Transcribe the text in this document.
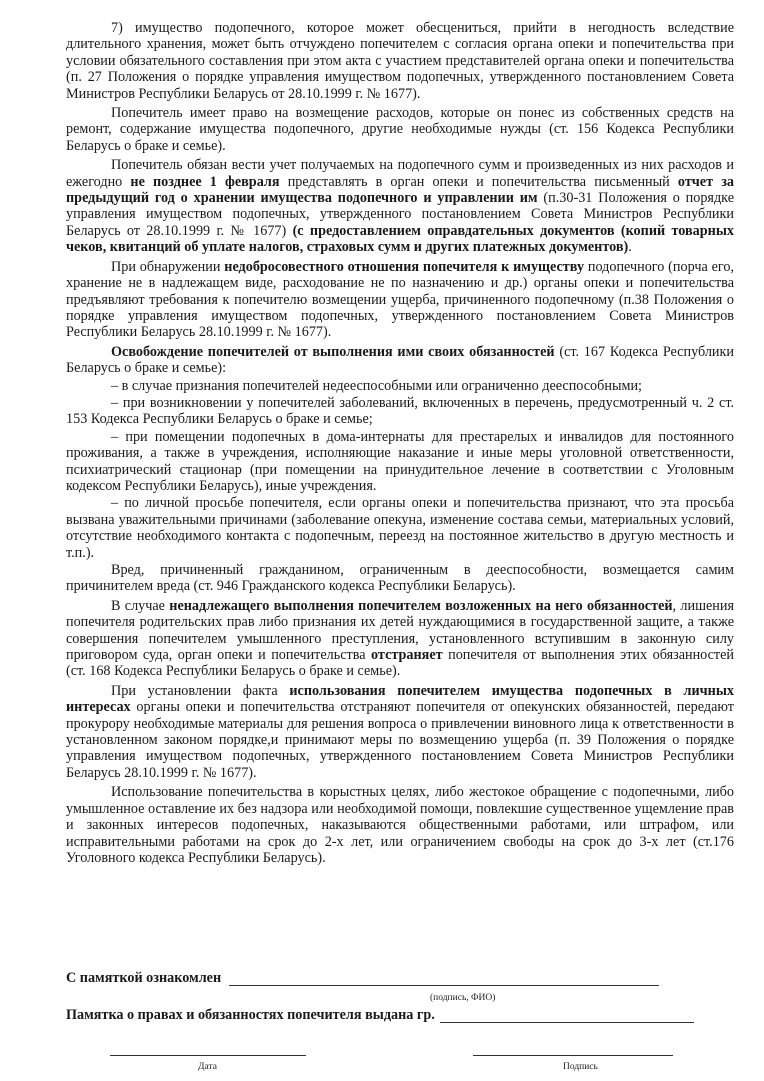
7) имущество подопечного, которое может обесцениться, прийти в негодность вследствие длительного хранения, может быть отчуждено попечителем с согласия органа опеки и попечительства при условии обязательного составления при этом акта с участием представителей органа опеки и попечительства (п. 27 Положения о порядке управления имуществом подопечных, утвержденного постановлением Совета Министров Республики Беларусь от 28.10.1999 г. № 1677).

Попечитель имеет право на возмещение расходов, которые он понес из собственных средств на ремонт, содержание имущества подопечного, другие необходимые нужды (ст. 156 Кодекса Республики Беларусь о браке и семье).

Попечитель обязан вести учет получаемых на подопечного сумм и произведенных из них расходов и ежегодно не позднее 1 февраля представлять в орган опеки и попечительства письменный отчет за предыдущий год о хранении имущества подопечного и управлении им (п.30-31 Положения о порядке управления имуществом подопечных, утвержденного постановлением Совета Министров Республики Беларусь от 28.10.1999 г. № 1677) (с предоставлением оправдательных документов (копий товарных чеков, квитанций об уплате налогов, страховых сумм и других платежных документов).

При обнаружении недобросовестного отношения попечителя к имуществу подопечного (порча его, хранение не в надлежащем виде, расходование не по назначению и др.) органы опеки и попечительства предъявляют требования к попечителю возмещении ущерба, причиненного подопечному (п.38 Положения о порядке управления имуществом подопечных, утвержденного постановлением Совета Министров Республики Беларусь 28.10.1999 г. № 1677).

Освобождение попечителей от выполнения ими своих обязанностей (ст. 167 Кодекса Республики Беларусь о браке и семье):

– в случае признания попечителей недееспособными или ограниченно дееспособными;

– при возникновении у попечителей заболеваний, включенных в перечень, предусмотренный ч. 2 ст. 153 Кодекса Республики Беларусь о браке и семье;

– при помещении подопечных в дома-интернаты для престарелых и инвалидов для постоянного проживания, а также в учреждения, исполняющие наказание и иные меры уголовной ответственности, психиатрический стационар (при помещении на принудительное лечение в соответствии с Уголовным кодексом Республики Беларусь), иные учреждения.

– по личной просьбе попечителя, если органы опеки и попечительства признают, что эта просьба вызвана уважительными причинами (заболевание опекуна, изменение состава семьи, материальных условий, отсутствие необходимого контакта с подопечным, переезд на постоянное жительство в другую местность и т.п.).

Вред, причиненный гражданином, ограниченным в дееспособности, возмещается самим причинителем вреда (ст. 946 Гражданского кодекса Республики Беларусь).

В случае ненадлежащего выполнения попечителем возложенных на него обязанностей, лишения попечителя родительских прав либо признания их детей нуждающимися в государственной защите, а также совершения попечителем умышленного преступления, установленного вступившим в законную силу приговором суда, орган опеки и попечительства отстраняет попечителя от выполнения этих обязанностей (ст. 168 Кодекса Республики Беларусь о браке и семье).

При установлении факта использования попечителем имущества подопечных в личных интересах органы опеки и попечительства отстраняют попечителя от опекунских обязанностей, передают прокурору необходимые материалы для решения вопроса о привлечении виновного лица к ответственности в установленном законом порядке,и принимают меры по возмещению ущерба (п. 39 Положения о порядке управления имуществом подопечных, утвержденного постановлением Совета Министров Республики Беларусь 28.10.1999 г. № 1677).

Использование попечительства в корыстных целях, либо жестокое обращение с подопечными, либо умышленное оставление их без надзора или необходимой помощи, повлекшие существенное ущемление прав и законных интересов подопечных, наказываются общественными работами, или штрафом, или исправительными работами на срок до 2-х лет, или ограничением свободы на срок до 3-х лет (ст.176 Уголовного кодекса Республики Беларусь).

С памяткой ознакомлен
(подпись, ФИО)
Памятка о правах и обязанностях попечителя выдана гр.
Дата	Подпись
